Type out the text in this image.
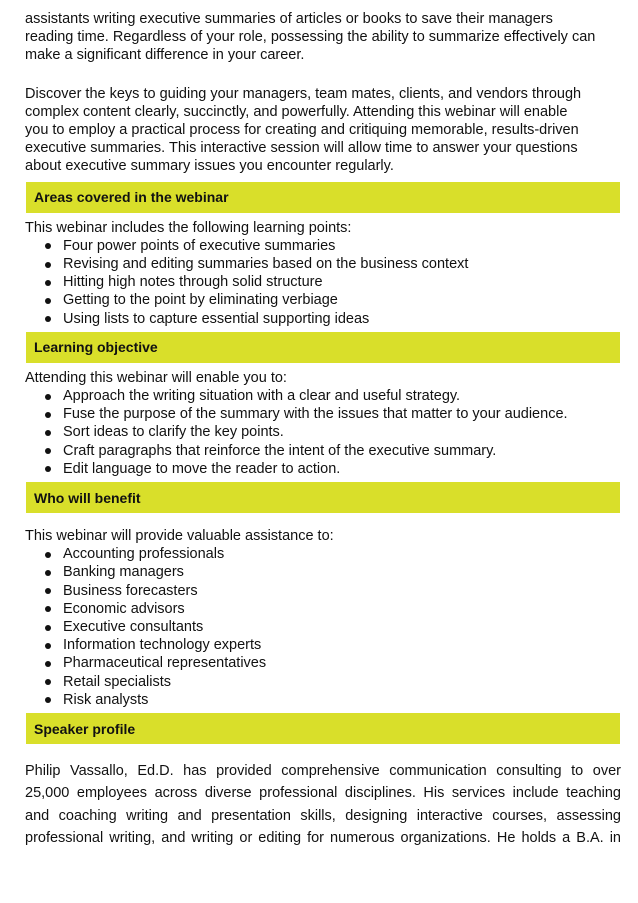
assistants writing executive summaries of articles or books to save their managers
reading time. Regardless of your role, possessing the ability to summarize effectively can
make a significant difference in your career.
Discover the keys to guiding your managers, team mates, clients, and vendors through
complex content clearly, succinctly, and powerfully. Attending this webinar will enable
you to employ a practical process for creating and critiquing memorable, results-driven
executive summaries. This interactive session will allow time to answer your questions
about executive summary issues you encounter regularly.
Areas covered in the webinar
This webinar includes the following learning points:
Four power points of executive summaries
Revising and editing summaries based on the business context
Hitting high notes through solid structure
Getting to the point by eliminating verbiage
Using lists to capture essential supporting ideas
Learning objective
Attending this webinar will enable you to:
Approach the writing situation with a clear and useful strategy.
Fuse the purpose of the summary with the issues that matter to your audience.
Sort ideas to clarify the key points.
Craft paragraphs that reinforce the intent of the executive summary.
Edit language to move the reader to action.
Who will benefit
This webinar will provide valuable assistance to:
Accounting professionals
Banking managers
Business forecasters
Economic advisors
Executive consultants
Information technology experts
Pharmaceutical representatives
Retail specialists
Risk analysts
Speaker profile
Philip Vassallo, Ed.D. has provided comprehensive communication consulting to over
25,000 employees across diverse professional disciplines. His services include teaching
and coaching writing and presentation skills, designing interactive courses, assessing
professional writing, and writing or editing for numerous organizations. He holds a B.A. in
